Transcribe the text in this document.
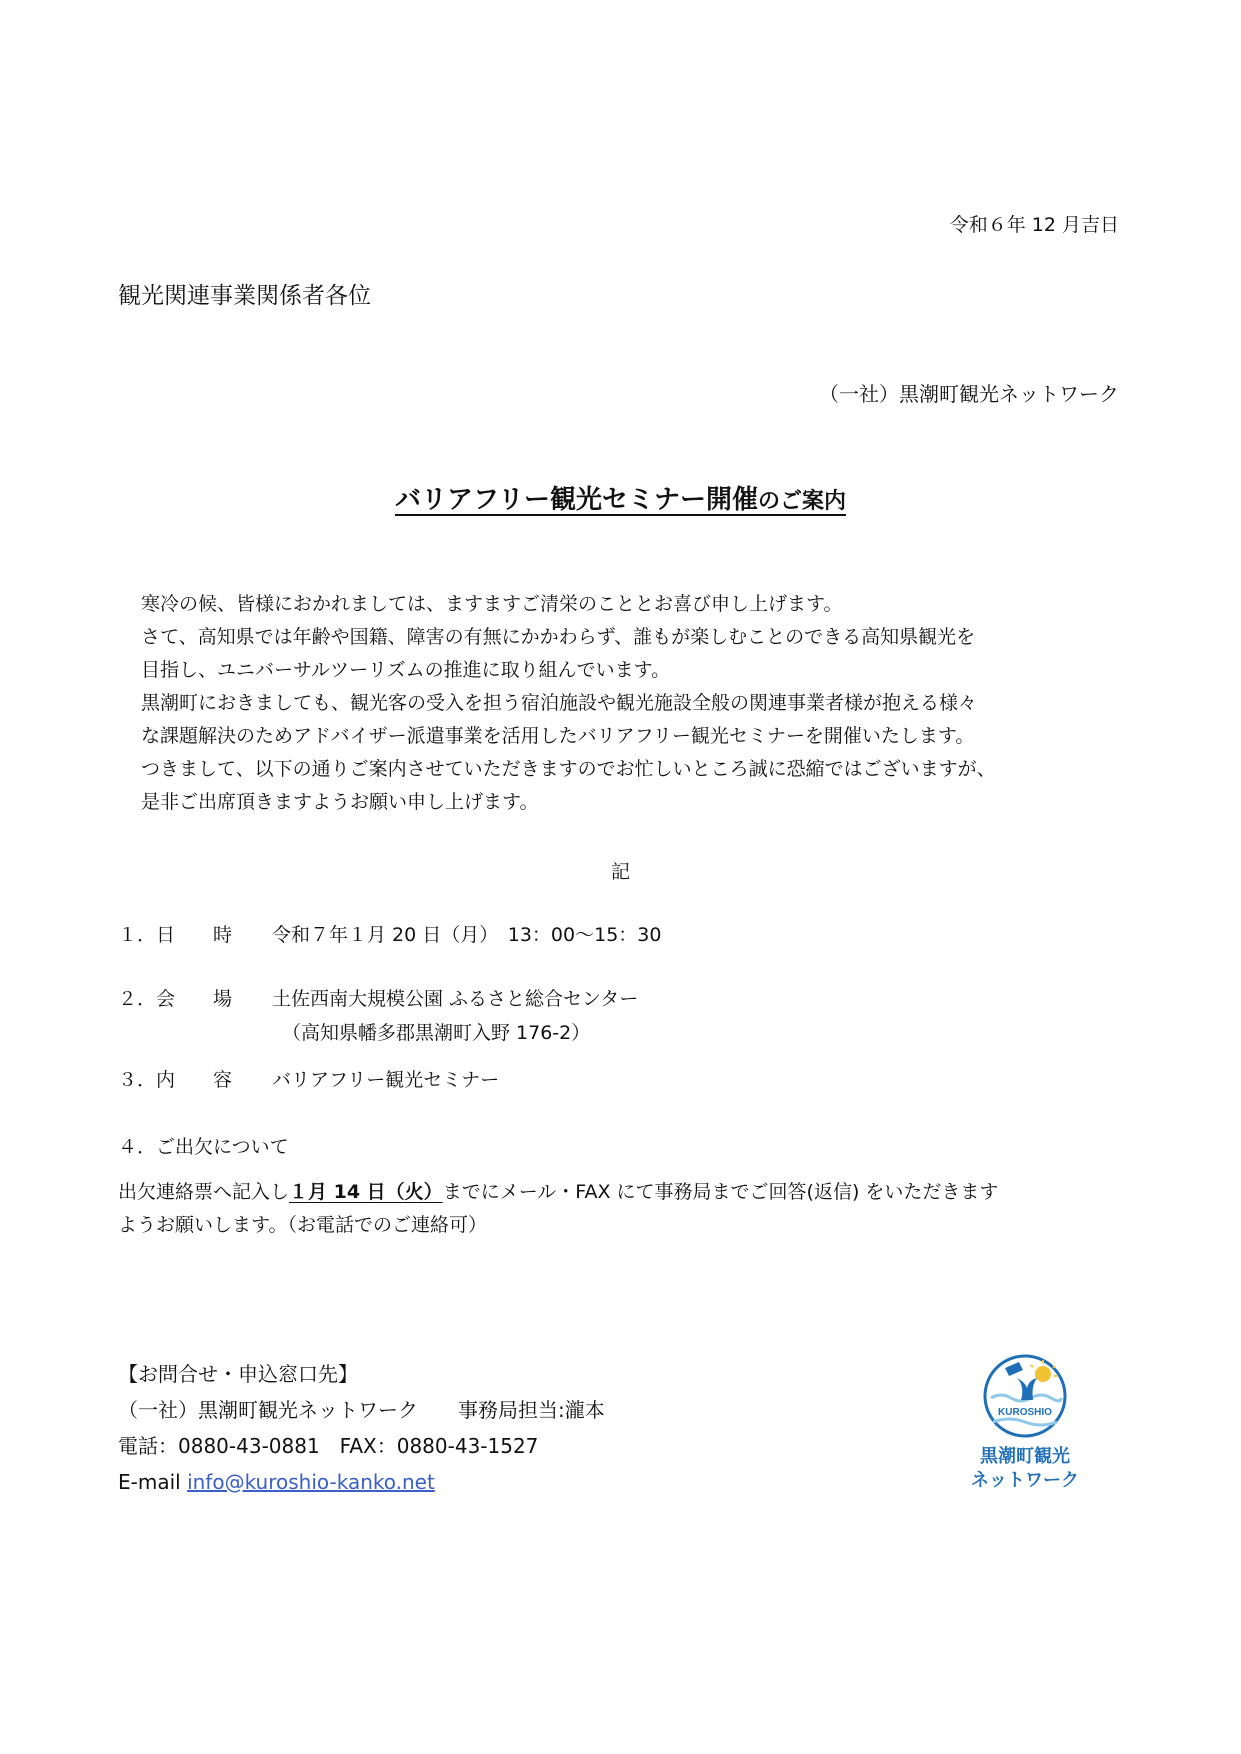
令和６年 12 月吉日
観光関連事業関係者各位
（一社）黒潮町観光ネットワーク
バリアフリー観光セミナー開催のご案内
寒冷の候、皆様におかれましては、ますますご清栄のこととお喜び申し上げます。
さて、高知県では年齢や国籍、障害の有無にかかわらず、誰もが楽しむことのできる高知県観光を
目指し、ユニバーサルツーリズムの推進に取り組んでいます。
黒潮町におきましても、観光客の受入を担う宿泊施設や観光施設全般の関連事業者様が抱える様々
な課題解決のためアドバイザー派遣事業を活用したバリアフリー観光セミナーを開催いたします。
つきまして、以下の通りご案内させていただきますのでお忙しいところ誠に恐縮ではございますが、
是非ご出席頂きますようお願い申し上げます。
記
１．日　　時 令和７年１月 20 日（月）　13：00～15：30
２．会　　場 土佐西南大規模公園 ふるさと総合センター
（高知県幡多郡黒潮町入野 176-2）
３．内　　容 バリアフリー観光セミナー
４．ご出欠について
出欠連絡票へ記入し１月 14 日（火）までにメール・FAX にて事務局までご回答(返信) をいただきます
ようお願いします。（お電話でのご連絡可）
【お問合せ・申込窓口先】
（一社）黒潮町観光ネットワーク　　事務局担当:瀧本
電話：0880-43-0881　FAX：0880-43-1527
E-mail info@kuroshio-kanko.net
KUROSHIO
黒潮町観光
ネットワーク
